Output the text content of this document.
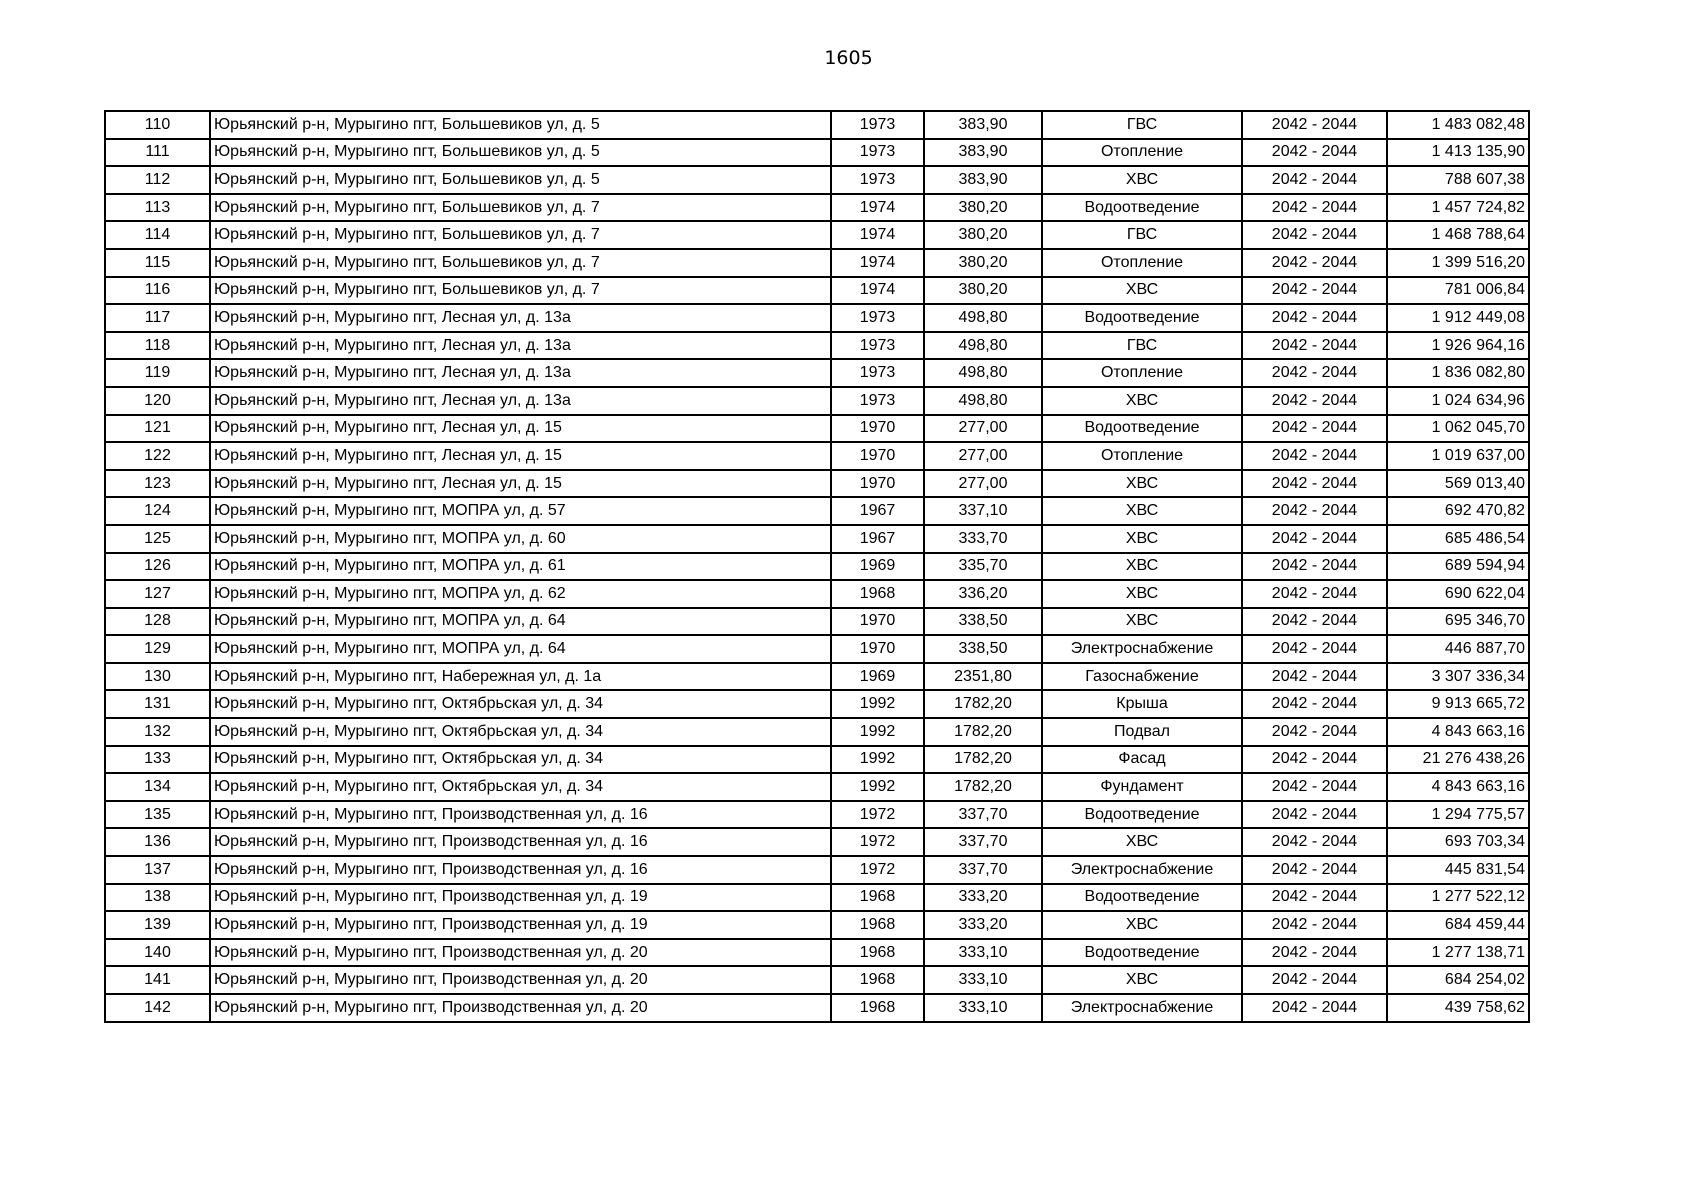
1605
110	Юрьянский р-н, Мурыгино пгт, Большевиков ул, д. 5	1973	383,90	ГВС	2042 - 2044	1 483 082,48
111	Юрьянский р-н, Мурыгино пгт, Большевиков ул, д. 5	1973	383,90	Отопление	2042 - 2044	1 413 135,90
112	Юрьянский р-н, Мурыгино пгт, Большевиков ул, д. 5	1973	383,90	ХВС	2042 - 2044	788 607,38
113	Юрьянский р-н, Мурыгино пгт, Большевиков ул, д. 7	1974	380,20	Водоотведение	2042 - 2044	1 457 724,82
114	Юрьянский р-н, Мурыгино пгт, Большевиков ул, д. 7	1974	380,20	ГВС	2042 - 2044	1 468 788,64
115	Юрьянский р-н, Мурыгино пгт, Большевиков ул, д. 7	1974	380,20	Отопление	2042 - 2044	1 399 516,20
116	Юрьянский р-н, Мурыгино пгт, Большевиков ул, д. 7	1974	380,20	ХВС	2042 - 2044	781 006,84
117	Юрьянский р-н, Мурыгино пгт, Лесная ул, д. 13а	1973	498,80	Водоотведение	2042 - 2044	1 912 449,08
118	Юрьянский р-н, Мурыгино пгт, Лесная ул, д. 13а	1973	498,80	ГВС	2042 - 2044	1 926 964,16
119	Юрьянский р-н, Мурыгино пгт, Лесная ул, д. 13а	1973	498,80	Отопление	2042 - 2044	1 836 082,80
120	Юрьянский р-н, Мурыгино пгт, Лесная ул, д. 13а	1973	498,80	ХВС	2042 - 2044	1 024 634,96
121	Юрьянский р-н, Мурыгино пгт, Лесная ул, д. 15	1970	277,00	Водоотведение	2042 - 2044	1 062 045,70
122	Юрьянский р-н, Мурыгино пгт, Лесная ул, д. 15	1970	277,00	Отопление	2042 - 2044	1 019 637,00
123	Юрьянский р-н, Мурыгино пгт, Лесная ул, д. 15	1970	277,00	ХВС	2042 - 2044	569 013,40
124	Юрьянский р-н, Мурыгино пгт, МОПРА ул, д. 57	1967	337,10	ХВС	2042 - 2044	692 470,82
125	Юрьянский р-н, Мурыгино пгт, МОПРА ул, д. 60	1967	333,70	ХВС	2042 - 2044	685 486,54
126	Юрьянский р-н, Мурыгино пгт, МОПРА ул, д. 61	1969	335,70	ХВС	2042 - 2044	689 594,94
127	Юрьянский р-н, Мурыгино пгт, МОПРА ул, д. 62	1968	336,20	ХВС	2042 - 2044	690 622,04
128	Юрьянский р-н, Мурыгино пгт, МОПРА ул, д. 64	1970	338,50	ХВС	2042 - 2044	695 346,70
129	Юрьянский р-н, Мурыгино пгт, МОПРА ул, д. 64	1970	338,50	Электроснабжение	2042 - 2044	446 887,70
130	Юрьянский р-н, Мурыгино пгт, Набережная ул, д. 1а	1969	2351,80	Газоснабжение	2042 - 2044	3 307 336,34
131	Юрьянский р-н, Мурыгино пгт, Октябрьская ул, д. 34	1992	1782,20	Крыша	2042 - 2044	9 913 665,72
132	Юрьянский р-н, Мурыгино пгт, Октябрьская ул, д. 34	1992	1782,20	Подвал	2042 - 2044	4 843 663,16
133	Юрьянский р-н, Мурыгино пгт, Октябрьская ул, д. 34	1992	1782,20	Фасад	2042 - 2044	21 276 438,26
134	Юрьянский р-н, Мурыгино пгт, Октябрьская ул, д. 34	1992	1782,20	Фундамент	2042 - 2044	4 843 663,16
135	Юрьянский р-н, Мурыгино пгт, Производственная ул, д. 16	1972	337,70	Водоотведение	2042 - 2044	1 294 775,57
136	Юрьянский р-н, Мурыгино пгт, Производственная ул, д. 16	1972	337,70	ХВС	2042 - 2044	693 703,34
137	Юрьянский р-н, Мурыгино пгт, Производственная ул, д. 16	1972	337,70	Электроснабжение	2042 - 2044	445 831,54
138	Юрьянский р-н, Мурыгино пгт, Производственная ул, д. 19	1968	333,20	Водоотведение	2042 - 2044	1 277 522,12
139	Юрьянский р-н, Мурыгино пгт, Производственная ул, д. 19	1968	333,20	ХВС	2042 - 2044	684 459,44
140	Юрьянский р-н, Мурыгино пгт, Производственная ул, д. 20	1968	333,10	Водоотведение	2042 - 2044	1 277 138,71
141	Юрьянский р-н, Мурыгино пгт, Производственная ул, д. 20	1968	333,10	ХВС	2042 - 2044	684 254,02
142	Юрьянский р-н, Мурыгино пгт, Производственная ул, д. 20	1968	333,10	Электроснабжение	2042 - 2044	439 758,62
